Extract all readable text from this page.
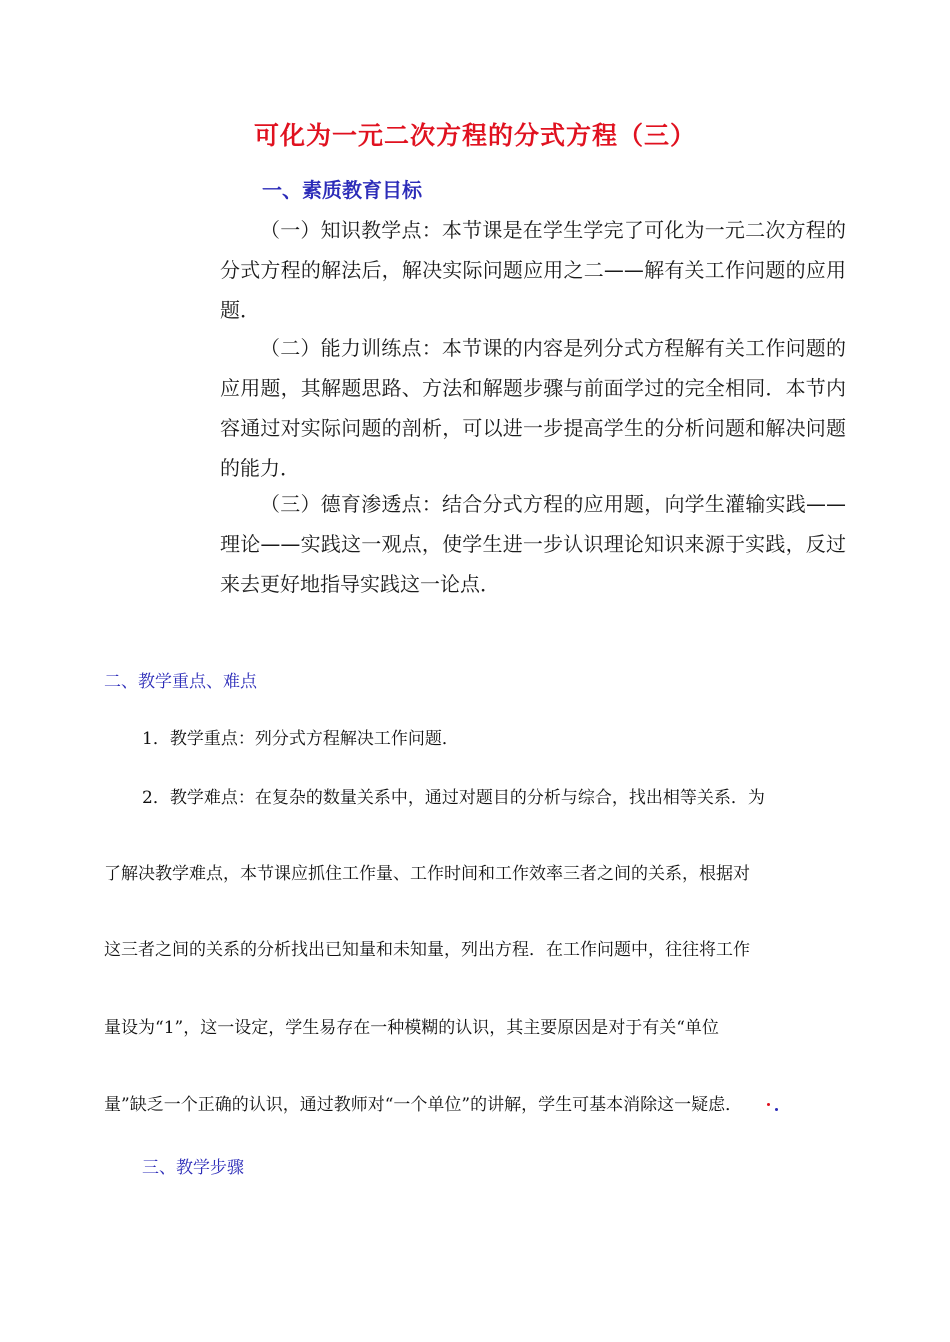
可化为一元二次方程的分式方程（三）
一、素质教育目标

（一）知识教学点：本节课是在学生学完了可化为一元二次方程的分式方程的解法后，解决实际问题应用之二——解有关工作问题的应用题．

（二）能力训练点：本节课的内容是列分式方程解有关工作问题的应用题，其解题思路、方法和解题步骤与前面学过的完全相同．本节内容通过对实际问题的剖析，可以进一步提高学生的分析问题和解决问题的能力．

（三）德育渗透点：结合分式方程的应用题，向学生灌输实践——理论——实践这一观点，使学生进一步认识理论知识来源于实践，反过来去更好地指导实践这一论点．

二、教学重点、难点
1．教学重点：列分式方程解决工作问题．
2．教学难点：在复杂的数量关系中，通过对题目的分析与综合，找出相等关系．为
了解决教学难点，本节课应抓住工作量、工作时间和工作效率三者之间的关系，根据对
这三者之间的关系的分析找出已知量和未知量，列出方程．在工作问题中，往往将工作
量设为“1”，这一设定，学生易存在一种模糊的认识，其主要原因是对于有关“单位
量”缺乏一个正确的认识，通过教师对“一个单位”的讲解，学生可基本消除这一疑虑．
三、教学步骤
